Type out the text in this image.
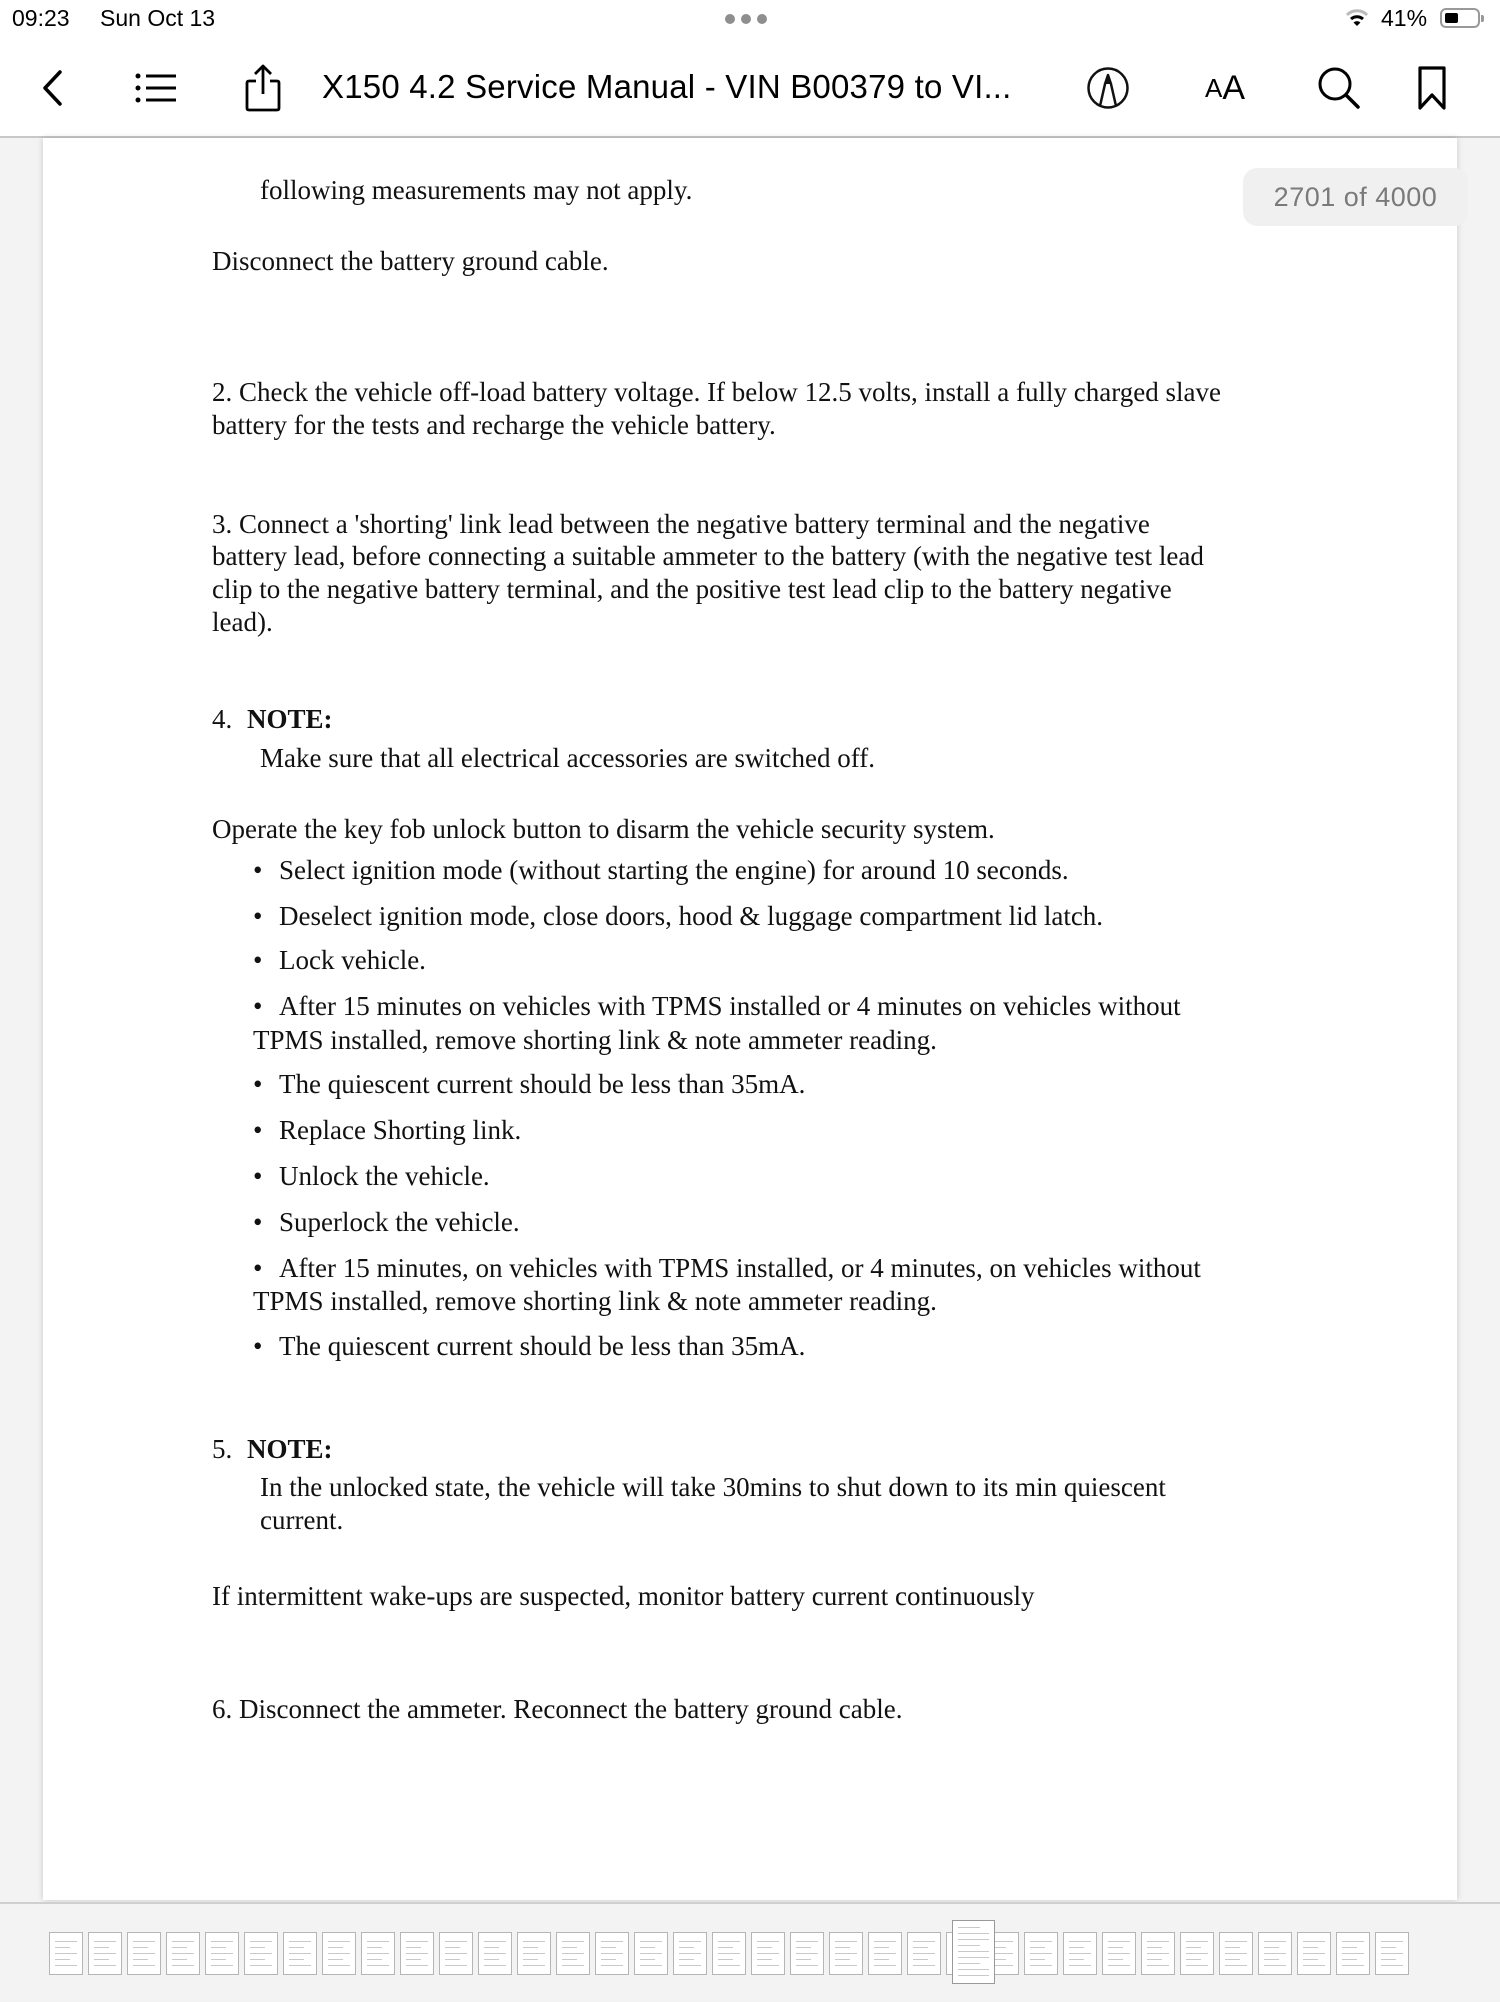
09:23 Sun Oct 13	41%
X150 4.2 Service Manual - VIN B00379 to VI...	A A
following measurements may not apply.
Disconnect the battery ground cable.
2. Check the vehicle off-load battery voltage. If below 12.5 volts, install a fully charged slave
battery for the tests and recharge the vehicle battery.
3. Connect a 'shorting' link lead between the negative battery terminal and the negative
battery lead, before connecting a suitable ammeter to the battery (with the negative test lead
clip to the negative battery terminal, and the positive test lead clip to the battery negative
lead).
4. NOTE:
Make sure that all electrical accessories are switched off.
Operate the key fob unlock button to disarm the vehicle security system.
• Select ignition mode (without starting the engine) for around 10 seconds.
• Deselect ignition mode, close doors, hood & luggage compartment lid latch.
• Lock vehicle.
• After 15 minutes on vehicles with TPMS installed or 4 minutes on vehicles without
TPMS installed, remove shorting link & note ammeter reading.
• The quiescent current should be less than 35mA.
• Replace Shorting link.
• Unlock the vehicle.
• Superlock the vehicle.
• After 15 minutes, on vehicles with TPMS installed, or 4 minutes, on vehicles without
TPMS installed, remove shorting link & note ammeter reading.
• The quiescent current should be less than 35mA.
5. NOTE:
In the unlocked state, the vehicle will take 30mins to shut down to its min quiescent
current.
If intermittent wake-ups are suspected, monitor battery current continuously
6. Disconnect the ammeter. Reconnect the battery ground cable.
2701 of 4000
